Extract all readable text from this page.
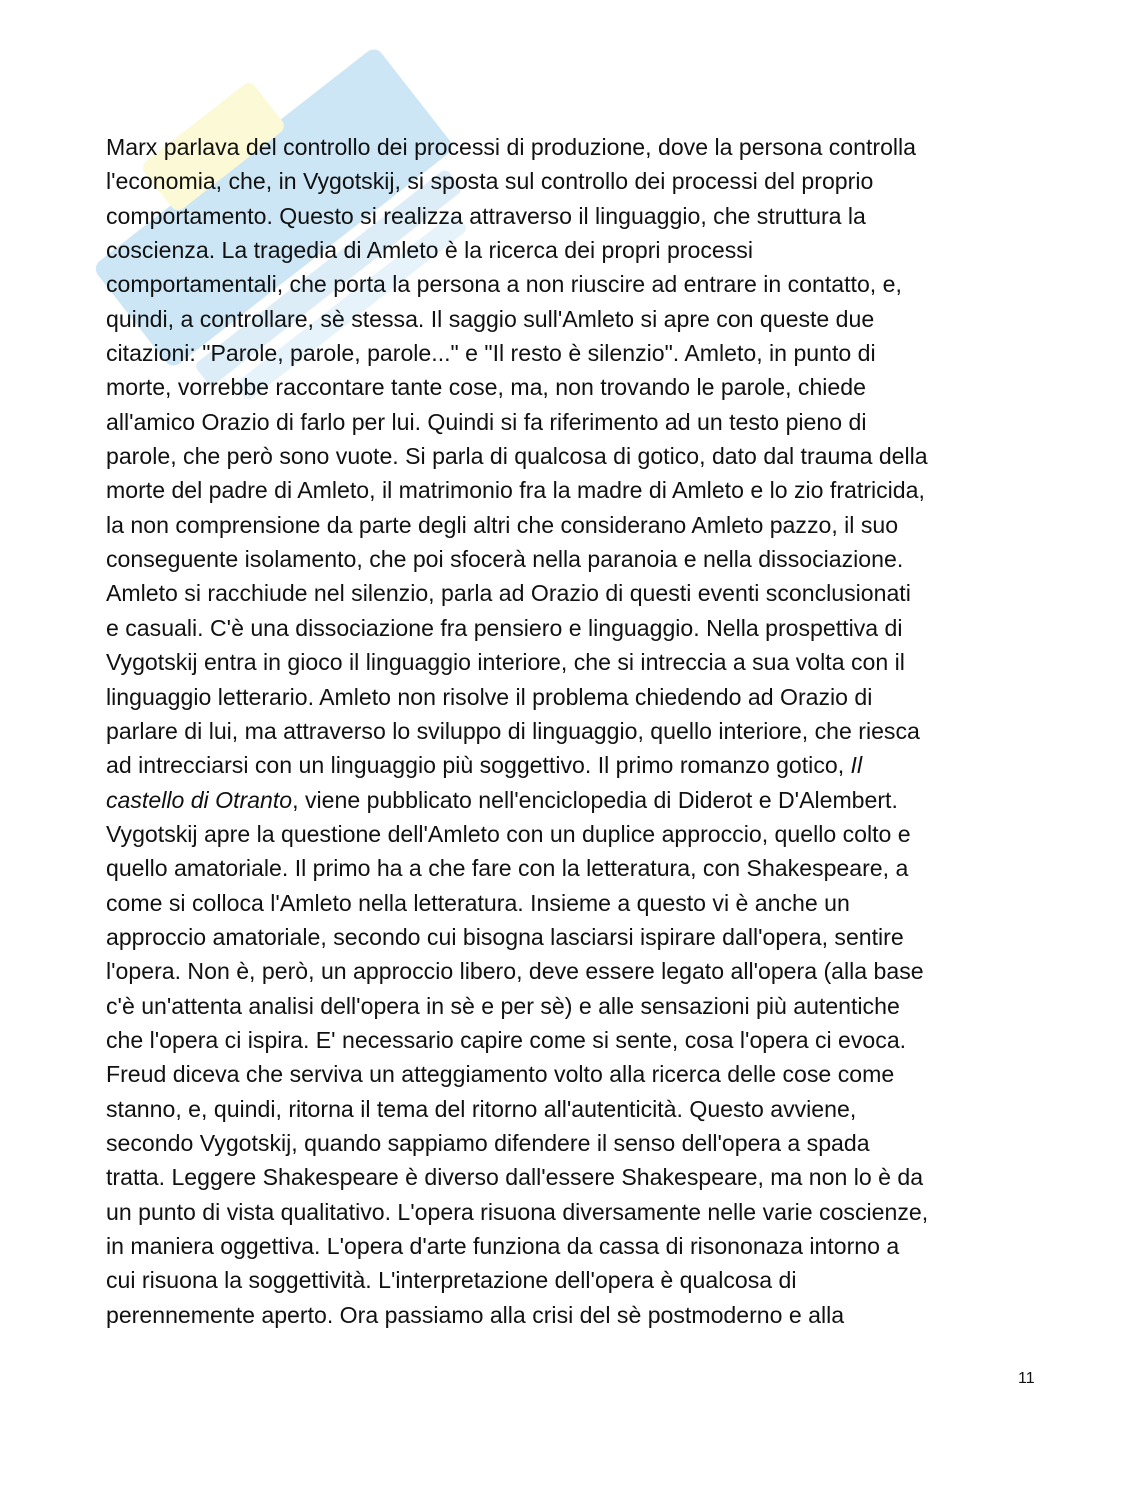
Marx parlava del controllo dei processi di produzione, dove la persona controlla
l'economia, che, in Vygotskij, si sposta sul controllo dei processi del proprio
comportamento. Questo si realizza attraverso il linguaggio, che struttura la
coscienza. La tragedia di Amleto è la ricerca dei propri processi
comportamentali, che porta la persona a non riuscire ad entrare in contatto, e,
quindi, a controllare, sè stessa. Il saggio sull'Amleto si apre con queste due
citazioni: "Parole, parole, parole..." e "Il resto è silenzio". Amleto, in punto di
morte, vorrebbe raccontare tante cose, ma, non trovando le parole, chiede
all'amico Orazio di farlo per lui. Quindi si fa riferimento ad un testo pieno di
parole, che però sono vuote. Si parla di qualcosa di gotico, dato dal trauma della
morte del padre di Amleto, il matrimonio fra la madre di Amleto e lo zio fratricida,
la non comprensione da parte degli altri che considerano Amleto pazzo, il suo
conseguente isolamento, che poi sfocerà nella paranoia e nella dissociazione.
Amleto si racchiude nel silenzio, parla ad Orazio di questi eventi sconclusionati
e casuali. C'è una dissociazione fra pensiero e linguaggio. Nella prospettiva di
Vygotskij entra in gioco il linguaggio interiore, che si intreccia a sua volta con il
linguaggio letterario. Amleto non risolve il problema chiedendo ad Orazio di
parlare di lui, ma attraverso lo sviluppo di linguaggio, quello interiore, che riesca
ad intrecciarsi con un linguaggio più soggettivo. Il primo romanzo gotico, Il
castello di Otranto, viene pubblicato nell'enciclopedia di Diderot e D'Alembert.
Vygotskij apre la questione dell'Amleto con un duplice approccio, quello colto e
quello amatoriale. Il primo ha a che fare con la letteratura, con Shakespeare, a
come si colloca l'Amleto nella letteratura. Insieme a questo vi è anche un
approccio amatoriale, secondo cui bisogna lasciarsi ispirare dall'opera, sentire
l'opera. Non è, però, un approccio libero, deve essere legato all'opera (alla base
c'è un'attenta analisi dell'opera in sè e per sè) e alle sensazioni più autentiche
che l'opera ci ispira. E' necessario capire come si sente, cosa l'opera ci evoca.
Freud diceva che serviva un atteggiamento volto alla ricerca delle cose come
stanno, e, quindi, ritorna il tema del ritorno all'autenticità. Questo avviene,
secondo Vygotskij, quando sappiamo difendere il senso dell'opera a spada
tratta. Leggere Shakespeare è diverso dall'essere Shakespeare, ma non lo è da
un punto di vista qualitativo. L'opera risuona diversamente nelle varie coscienze,
in maniera oggettiva. L'opera d'arte funziona da cassa di risononaza intorno a
cui risuona la soggettività. L'interpretazione dell'opera è qualcosa di
perennemente aperto. Ora passiamo alla crisi del sè postmoderno e alla
11
